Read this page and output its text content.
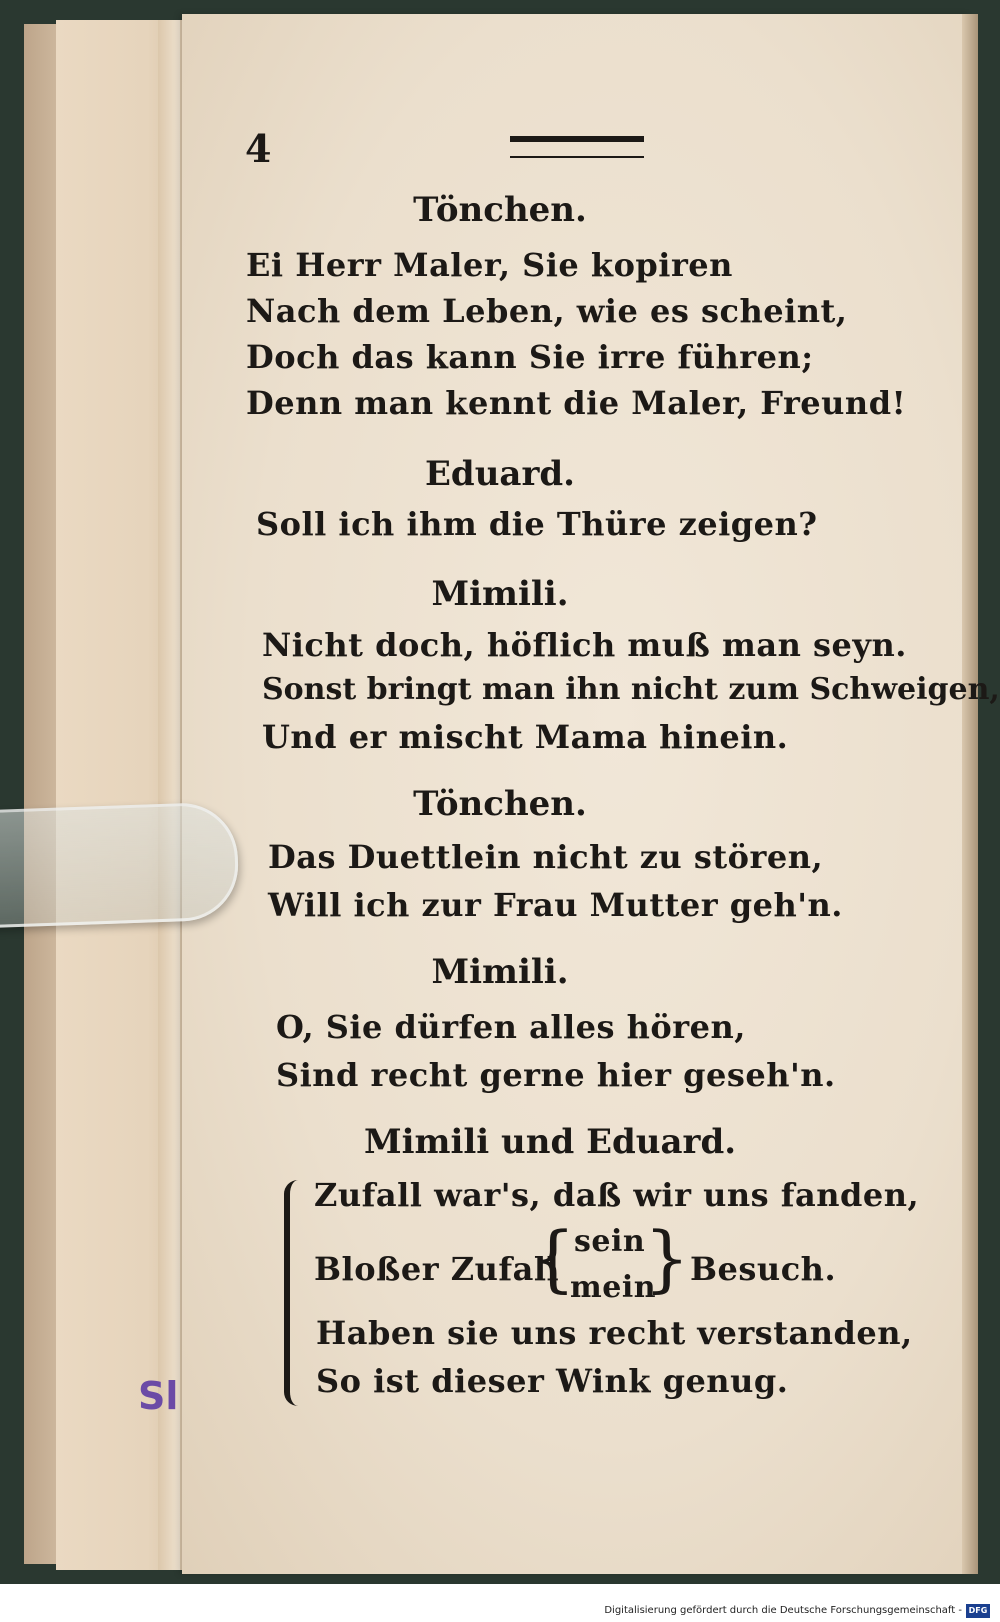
4
Tönchen.
Ei Herr Maler, Sie kopiren
Nach dem Leben, wie es scheint,
Doch das kann Sie irre führen;
Denn man kennt die Maler, Freund!
Eduard.
Soll ich ihm die Thüre zeigen?
Mimili.
Nicht doch, höflich muß man seyn.
Sonst bringt man ihn nicht zum Schweigen,
Und er mischt Mama hinein.
Tönchen.
Das Duettlein nicht zu stören,
Will ich zur Frau Mutter geh'n.
Mimili.
O, Sie dürfen alles hören,
Sind recht gerne hier geseh'n.
Mimili und Eduard.
Zufall war's, daß wir uns fanden,
Bloßer Zufall
{
sein
mein
} Besuch.
Haben sie uns recht verstanden,
So ist dieser Wink genug.
Sl
Digitalisierung gefördert durch die Deutsche Forschungsgemeinschaft - DFG
